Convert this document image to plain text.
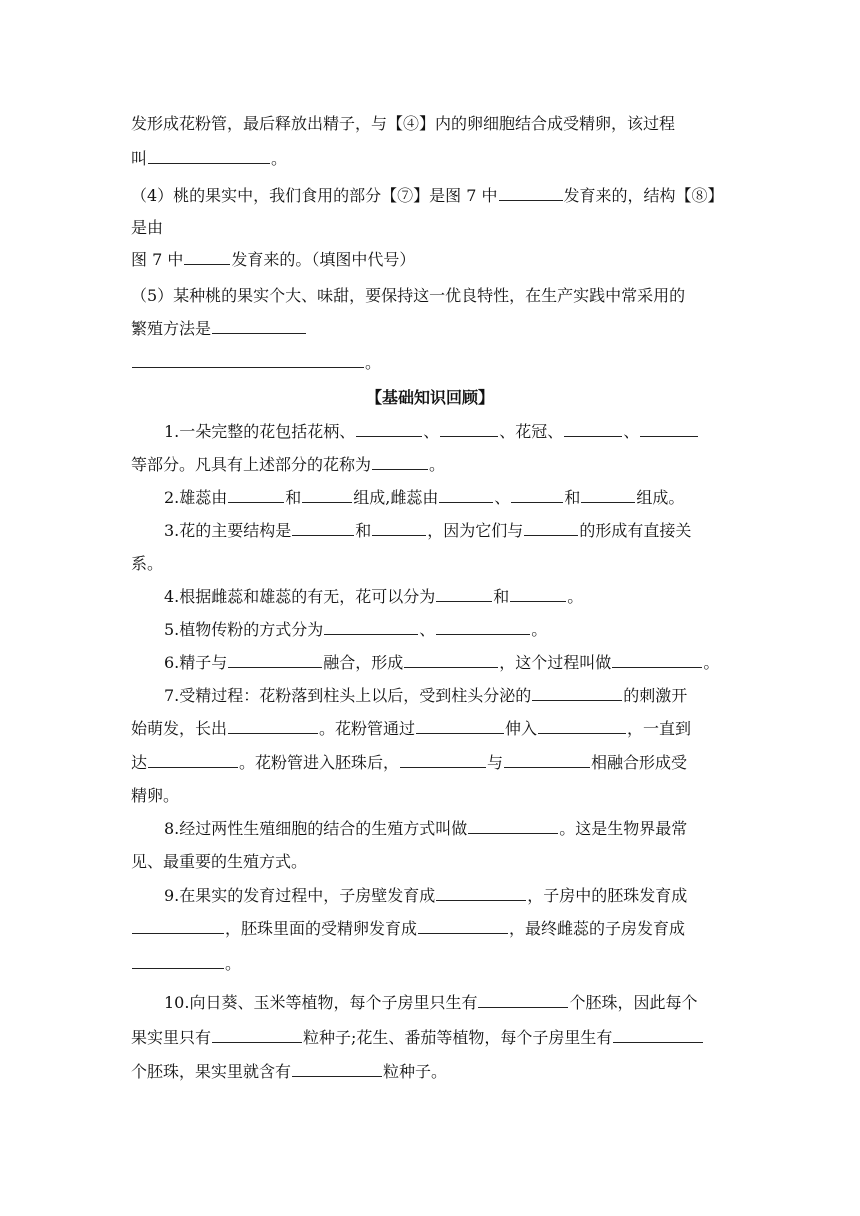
发形成花粉管，最后释放出精子，与【④】内的卵细胞结合成受精卵，该过程
叫	。
（4）桃的果实中，我们食用的部分【⑦】是图 7 中	发育来的，结构【⑧】
是由
图 7 中	发育来的。（填图中代号）
（5）某种桃的果实个大、味甜，要保持这一优良特性，在生产实践中常采用的
繁殖方法是
。
【基础知识回顾】
1.一朵完整的花包括花柄、	、	、花冠、	、
等部分。凡具有上述部分的花称为	。
2.雄蕊由	和	组成,雌蕊由	、	和	组成。
3.花的主要结构是	和	，因为它们与	的形成有直接关
系。
4.根据雌蕊和雄蕊的有无，花可以分为	和	。
5.植物传粉的方式分为	、	。
6.精子与	融合，形成	，这个过程叫做	。
7.受精过程：花粉落到柱头上以后，受到柱头分泌的	的刺激开
始萌发，长出	。花粉管通过	伸入	，一直到
达	。花粉管进入胚珠后，	与	相融合形成受
精卵。
8.经过两性生殖细胞的结合的生殖方式叫做	。这是生物界最常
见、最重要的生殖方式。
9.在果实的发育过程中，子房壁发育成	，子房中的胚珠发育成
，胚珠里面的受精卵发育成	，最终雌蕊的子房发育成
。
10.向日葵、玉米等植物，每个子房里只生有	个胚珠，因此每个
果实里只有	粒种子;花生、番茄等植物，每个子房里生有
个胚珠，果实里就含有	粒种子。
